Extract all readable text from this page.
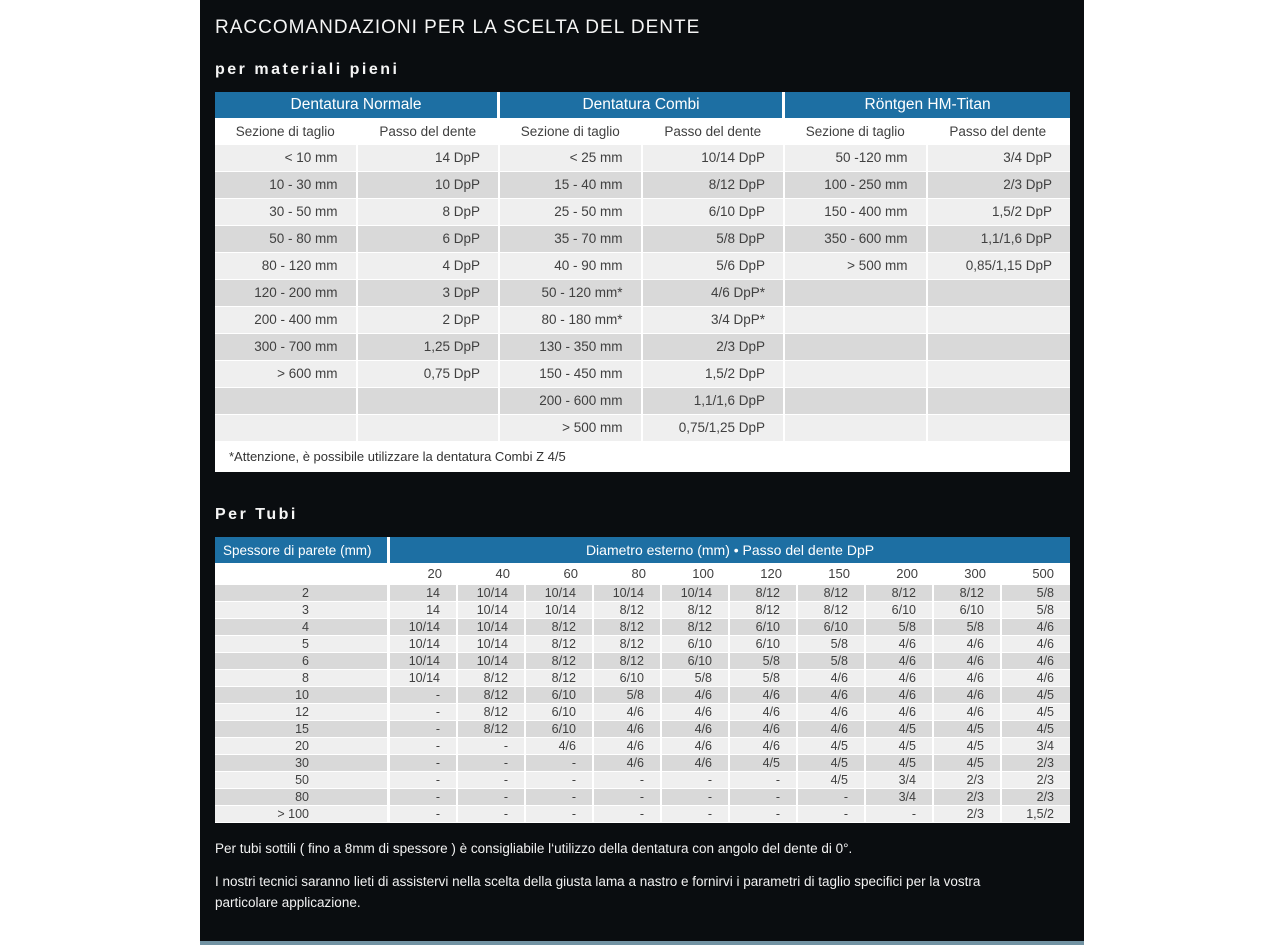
RACCOMANDAZIONI PER LA SCELTA DEL DENTE
per materiali pieni
Dentatura Normale		Dentatura Combi		Röntgen HM-Titan	
Sezione di taglio	Passo del dente	Sezione di taglio	Passo del dente	Sezione di taglio	Passo del dente
< 10 mm	14 DpP	< 25 mm	10/14 DpP	50 -120 mm	3/4 DpP
10 - 30 mm	10 DpP	15 - 40 mm	8/12 DpP	100 - 250 mm	2/3 DpP
30 - 50 mm	8 DpP	25 - 50 mm	6/10 DpP	150 - 400 mm	1,5/2 DpP
50 - 80 mm	6 DpP	35 - 70 mm	5/8 DpP	350 - 600 mm	1,1/1,6 DpP
80 - 120 mm	4 DpP	40 - 90 mm	5/6 DpP	> 500 mm	0,85/1,15 DpP
120 - 200 mm	3 DpP	50 - 120 mm*	4/6 DpP*		
200 - 400 mm	2 DpP	80 - 180 mm*	3/4 DpP*		
300 - 700 mm	1,25 DpP	130 - 350 mm	2/3 DpP		
> 600 mm	0,75 DpP	150 - 450 mm	1,5/2 DpP		
		200 - 600 mm	1,1/1,6 DpP		
		> 500 mm	0,75/1,25 DpP		
*Attenzione, è possibile utilizzare la dentatura Combi Z 4/5
Per Tubi
Spessore di parete (mm)	Diametro esterno (mm) • Passo del dente DpP									
	20	40	60	80	100	120	150	200	300	500
2	14	10/14	10/14	10/14	10/14	8/12	8/12	8/12	8/12	5/8
3	14	10/14	10/14	8/12	8/12	8/12	8/12	6/10	6/10	5/8
4	10/14	10/14	8/12	8/12	8/12	6/10	6/10	5/8	5/8	4/6
5	10/14	10/14	8/12	8/12	6/10	6/10	5/8	4/6	4/6	4/6
6	10/14	10/14	8/12	8/12	6/10	5/8	5/8	4/6	4/6	4/6
8	10/14	8/12	8/12	6/10	5/8	5/8	4/6	4/6	4/6	4/6
10	-	8/12	6/10	5/8	4/6	4/6	4/6	4/6	4/6	4/5
12	-	8/12	6/10	4/6	4/6	4/6	4/6	4/6	4/6	4/5
15	-	8/12	6/10	4/6	4/6	4/6	4/6	4/5	4/5	4/5
20	-	-	4/6	4/6	4/6	4/6	4/5	4/5	4/5	3/4
30	-	-	-	4/6	4/6	4/5	4/5	4/5	4/5	2/3
50	-	-	-	-	-	-	4/5	3/4	2/3	2/3
80	-	-	-	-	-	-	-	3/4	2/3	2/3
> 100	-	-	-	-	-	-	-	-	2/3	1,5/2
Per tubi sottili ( fino a 8mm di spessore ) è consigliabile l‘utilizzo della dentatura con angolo del dente di 0°.
I nostri tecnici saranno lieti di assistervi nella scelta della giusta lama a nastro e fornirvi i parametri di taglio specifici per la vostra particolare applicazione.
